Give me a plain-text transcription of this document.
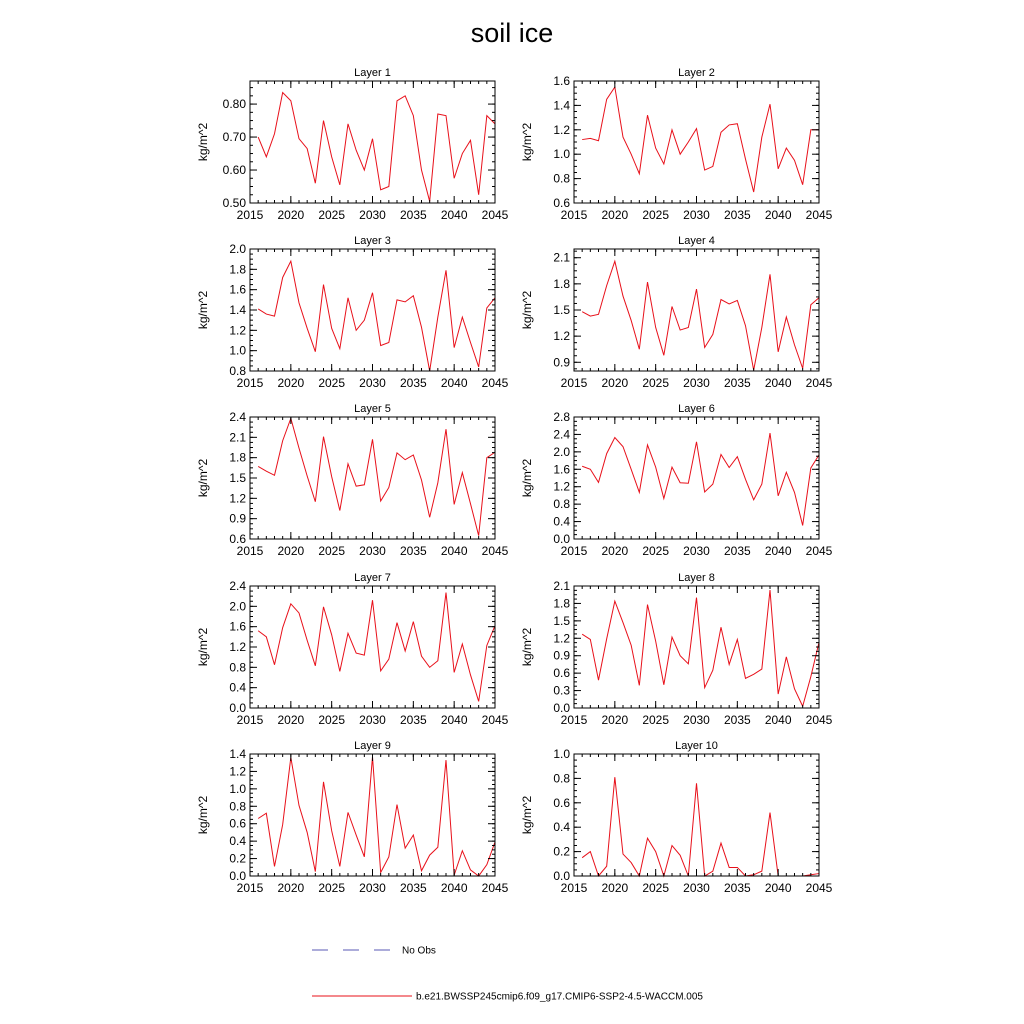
soil ice
2015 2020 2025 2030 2035 2040 2045
0.50
0.60
0.70
0.80
Layer 1
kg/m^2
2015 2020 2025 2030 2035 2040 2045
0.6
0.8
1.0
1.2
1.4
1.6
Layer 2
kg/m^2
2015 2020 2025 2030 2035 2040 2045
0.8
1.0
1.2
1.4
1.6
1.8
2.0
Layer 3
kg/m^2
2015 2020 2025 2030 2035 2040 2045
0.9
1.2
1.5
1.8
2.1
Layer 4
kg/m^2
2015 2020 2025 2030 2035 2040 2045
0.6
0.9
1.2
1.5
1.8
2.1
2.4
Layer 5
kg/m^2
2015 2020 2025 2030 2035 2040 2045
0.0
0.4
0.8
1.2
1.6
2.0
2.4
2.8
Layer 6
kg/m^2
2015 2020 2025 2030 2035 2040 2045
0.0
0.4
0.8
1.2
1.6
2.0
2.4
Layer 7
kg/m^2
2015 2020 2025 2030 2035 2040 2045
0.0
0.3
0.6
0.9
1.2
1.5
1.8
2.1
Layer 8
kg/m^2
2015 2020 2025 2030 2035 2040 2045
0.0
0.2
0.4
0.6
0.8
1.0
1.2
1.4
Layer 9
kg/m^2
2015 2020 2025 2030 2035 2040 2045
0.0
0.2
0.4
0.6
0.8
1.0
Layer 10
kg/m^2
No Obs
b.e21.BWSSP245cmip6.f09_g17.CMIP6-SSP2-4.5-WACCM.005
